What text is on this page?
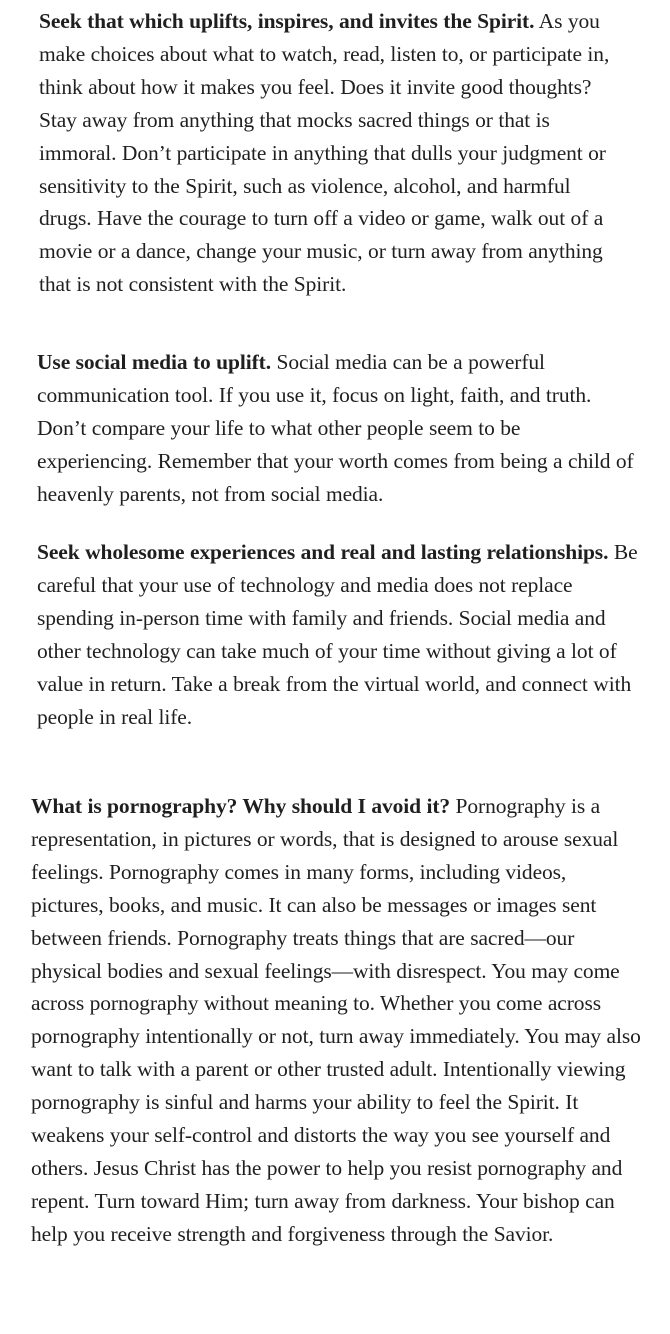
Seek that which uplifts, inspires, and invites the Spirit. As you make choices about what to watch, read, listen to, or participate in, think about how it makes you feel. Does it invite good thoughts? Stay away from anything that mocks sacred things or that is immoral. Don’t participate in anything that dulls your judgment or sensitivity to the Spirit, such as violence, alcohol, and harmful drugs. Have the courage to turn off a video or game, walk out of a movie or a dance, change your music, or turn away from anything that is not consistent with the Spirit.

Use social media to uplift. Social media can be a powerful communication tool. If you use it, focus on light, faith, and truth. Don’t compare your life to what other people seem to be experiencing. Remember that your worth comes from being a child of heavenly parents, not from social media.

Seek wholesome experiences and real and lasting relationships. Be careful that your use of technology and media does not replace spending in-person time with family and friends. Social media and other technology can take much of your time without giving a lot of value in return. Take a break from the virtual world, and connect with people in real life.

What is pornography? Why should I avoid it? Pornography is a representation, in pictures or words, that is designed to arouse sexual feelings. Pornography comes in many forms, including videos, pictures, books, and music. It can also be messages or images sent between friends. Pornography treats things that are sacred—our physical bodies and sexual feelings—with disrespect. You may come across pornography without meaning to. Whether you come across pornography intentionally or not, turn away immediately. You may also want to talk with a parent or other trusted adult. Intentionally viewing pornography is sinful and harms your ability to feel the Spirit. It weakens your self-control and distorts the way you see yourself and others. Jesus Christ has the power to help you resist pornography and repent. Turn toward Him; turn away from darkness. Your bishop can help you receive strength and forgiveness through the Savior.
